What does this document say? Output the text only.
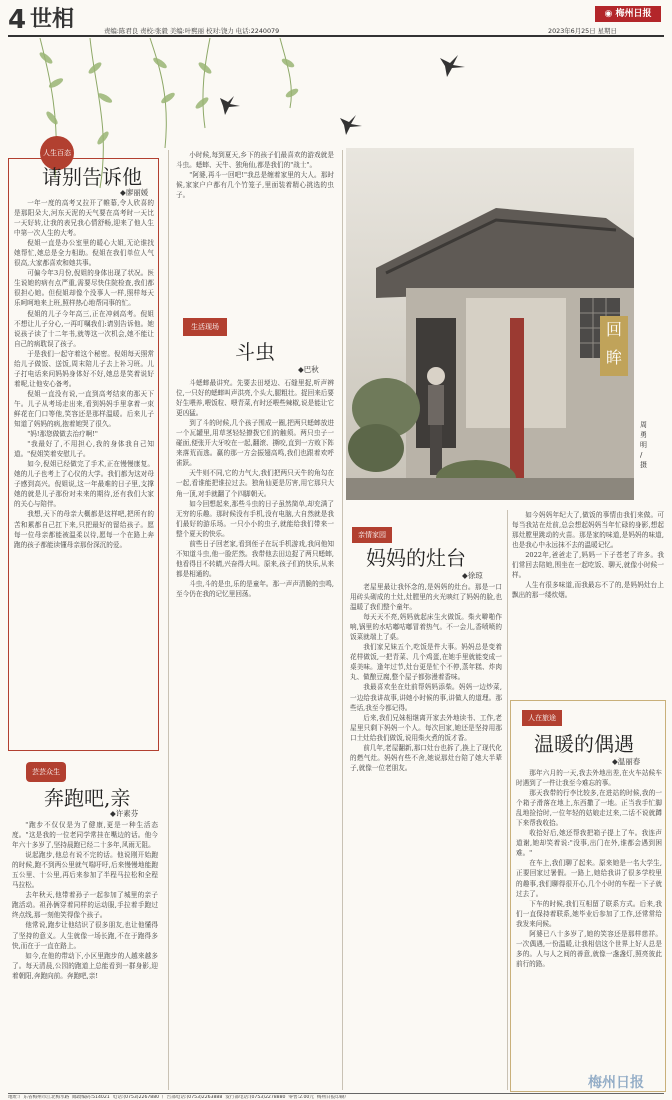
4 世相	责编:陈君良 责校:张毅 美编:叶熙丽 校对:饶力 电话:2240079	2023年6月25日 星期日
◉ 梅州日报
人生百态
请别告诉他
◆廖丽媛

一年一度的高考又拉开了帷幕,令人欣喜的是那阳朵大,河东天泥的天气要在高考时一天比一天好转,让我的表兄我心情舒畅,迎来了他人生中第一次人生的大考。

倪姐一直是办公室里的暖心大姐,无论谁找她帮忙,她总是全力相助。倪姐在我们单位人气很高,大家都喜欢和她共事。

可偏今年3月份,倪姐的身体出现了状况。医生说她的病有点严重,需要尽快住院检查,我们都很担心她。但倪姐却像个没事人一样,照样每天乐呵呵地来上班,照样热心地帮同事的忙。

倪姐的儿子今年高三,正在冲刺高考。倪姐不想让儿子分心,一再叮嘱我们:请别告诉他。她说孩子读了十二年书,就等这一次机会,她不能让自己的病耽误了孩子。

于是我们一起守着这个秘密。倪姐每天照常给儿子做饭、送饭,周末陪儿子去上补习班。儿子打电话来问妈妈身体好不好,她总是笑着说好着呢,让他安心备考。

倪姐一直没有说,一直到高考结束的那天下午。儿子从考场走出来,看到妈妈手里拿着一束鲜花在门口等他,笑容还是那样温暖。后来儿子知道了妈妈的病,抱着她哭了很久。

"妈!那您做做去治疗啊!"

"我最好了,不用担心,我的身体我自己知道。"倪姐笑着安慰儿子。

如今,倪姐已经做完了手术,正在慢慢康复。她的儿子也考上了心仪的大学。我们都为这对母子感到高兴。倪姐说,这一年最难的日子里,支撑她的就是儿子那份对未来的期待,还有我们大家的关心与陪伴。

我想,天下的母亲大概都是这样吧,把所有的苦和累都自己扛下来,只把最好的留给孩子。愿每一位母亲都能被温柔以待,愿每一个在路上奔跑的孩子都能读懂母亲那份深沉的爱。

芸芸众生
奔跑吧,亲
◆许素芬

"跑步不仅仅是为了健康,更是一种生活态度。"这是我的一位老同学常挂在嘴边的话。他今年六十多岁了,坚持晨跑已经二十多年,风雨无阻。

说起跑步,他总有说不完的话。他说刚开始跑的时候,跑不到两公里就气喘吁吁,后来慢慢地能跑五公里、十公里,再后来参加了半程马拉松和全程马拉松。

去年秋天,他带着孙子一起参加了城里的亲子跑活动。祖孙俩穿着同样的运动服,手拉着手跑过终点线,那一刻他笑得像个孩子。

他常说,跑步让他结识了很多朋友,也让他懂得了坚持的意义。人生就像一场长跑,不在于跑得多快,而在于一直在路上。

如今,在他的带动下,小区里跑步的人越来越多了。每天清晨,公园的跑道上总能看到一群身影,迎着朝阳,奔跑向前。奔跑吧,亲!

小时候,每到夏天,乡下的孩子们最喜欢的游戏就是斗虫。蟋蟀、天牛、独角仙,都是我们的"战士"。

"阿婆,再斗一回吧!"我总是缠着家里的大人。那时候,家家户户都有几个竹笼子,里面装着精心挑选的虫子。

生活现场
斗虫
◆巴秋

斗蟋蟀最讲究。先要去田埂边、石缝里捉,听声辨位,一只好的蟋蟀叫声洪亮,个头大,腿粗壮。捉回来后要好生喂养,喂饭粒、喂青菜,有时还喂些辣椒,说是能让它更凶猛。

到了斗的时候,几个孩子围成一圈,把两只蟋蟀放进一个瓦罐里,用草茎轻轻撩拨它们的触须。两只虫子一碰面,便张开大牙咬在一起,翻滚、撕咬,直到一方败下阵来落荒而逃。赢的那一方会振翅高鸣,我们也跟着欢呼雀跃。

天牛则不同,它的力气大,我们把两只天牛的角勾在一起,看谁能把谁拉过去。独角仙更是厉害,用它那只大角一顶,对手就翻了个四脚朝天。

如今回想起来,那些斗虫的日子虽然简单,却充满了无穷的乐趣。那时候没有手机,没有电脑,大自然就是我们最好的游乐场。一只小小的虫子,就能给我们带来一整个夏天的快乐。

前些日子回老家,看到侄子在玩手机游戏,我问他知不知道斗虫,他一脸茫然。我带他去田边捉了两只蟋蟀,他看得目不转睛,兴奋得大叫。原来,孩子们的快乐,从来都是相通的。

斗虫,斗的是虫,乐的是童年。那一声声清脆的虫鸣,至今仍在我的记忆里回荡。

回眸
周勇明 / 摄
亲情家园
妈妈的灶台
◆徐琼

老屋里最让我怀念的,是妈妈的灶台。那是一口用砖头砌成的土灶,灶膛里的火光映红了妈妈的脸,也温暖了我们整个童年。

每天天不亮,妈妈就起床生火做饭。柴火噼啪作响,锅里的水咕嘟咕嘟冒着热气。不一会儿,香喷喷的饭菜就端上了桌。

我们家兄妹五个,吃饭是件大事。妈妈总是变着花样做饭,一把青菜、几个鸡蛋,在她手里就能变成一桌美味。逢年过节,灶台更是忙个不停,蒸年糕、炸肉丸、做酿豆腐,整个屋子都弥漫着香味。

我最喜欢坐在灶前帮妈妈添柴。妈妈一边炒菜,一边给我讲故事,讲她小时候的事,讲做人的道理。那些话,我至今都记得。

后来,我们兄妹相继离开家去外地读书、工作,老屋里只剩下妈妈一个人。每次回家,她还是坚持用那口土灶给我们做饭,说用柴火煮的饭才香。

前几年,老屋翻新,那口灶台也拆了,换上了现代化的燃气灶。妈妈有些不舍,她说那灶台陪了她大半辈子,就像一位老朋友。

如今妈妈年纪大了,做饭的事情由我们来做。可每当我站在灶前,总会想起妈妈当年忙碌的身影,想起那灶膛里跳动的火苗。那是家的味道,是妈妈的味道,也是我心中永远抹不去的温暖记忆。

2022年,爸爸走了,妈妈一下子苍老了许多。我们常回去陪她,围坐在一起吃饭、聊天,就像小时候一样。

人生有很多味道,而我最忘不了的,是妈妈灶台上飘出的那一缕炊烟。

人在旅途
温暖的偶遇
◆温丽春

那年六月的一天,我去外地出差,在火车站候车时遇到了一件让我至今难忘的事。

那天我带的行李比较多,在进站的时候,我的一个箱子滑落在地上,东西撒了一地。正当我手忙脚乱地捡拾时,一位年轻的姑娘走过来,二话不说就蹲下来帮我收拾。

收拾好后,她还帮我把箱子提上了车。我连声道谢,她却笑着说:"没事,出门在外,谁都会遇到困难。"

在车上,我们聊了起来。原来她是一名大学生,正要回家过暑假。一路上,她给我讲了很多学校里的趣事,我们聊得很开心,几个小时的车程一下子就过去了。

下车的时候,我们互相留了联系方式。后来,我们一直保持着联系,她毕业后参加了工作,还常常给我发来问候。

阿婆已八十多岁了,她的笑容还是那样慈祥。一次偶遇,一份温暖,让我相信这个世界上好人总是多的。人与人之间的善意,就像一盏盏灯,照亮彼此前行的路。

地址:广东省梅州市江北梅水路 邮政编码:514021 电话:(0753)2267880 广告部电话:(0753)2263888 发行部电话:(0753)2278880 零售:2.00元 梅州日报印刷厂
梅州日报
